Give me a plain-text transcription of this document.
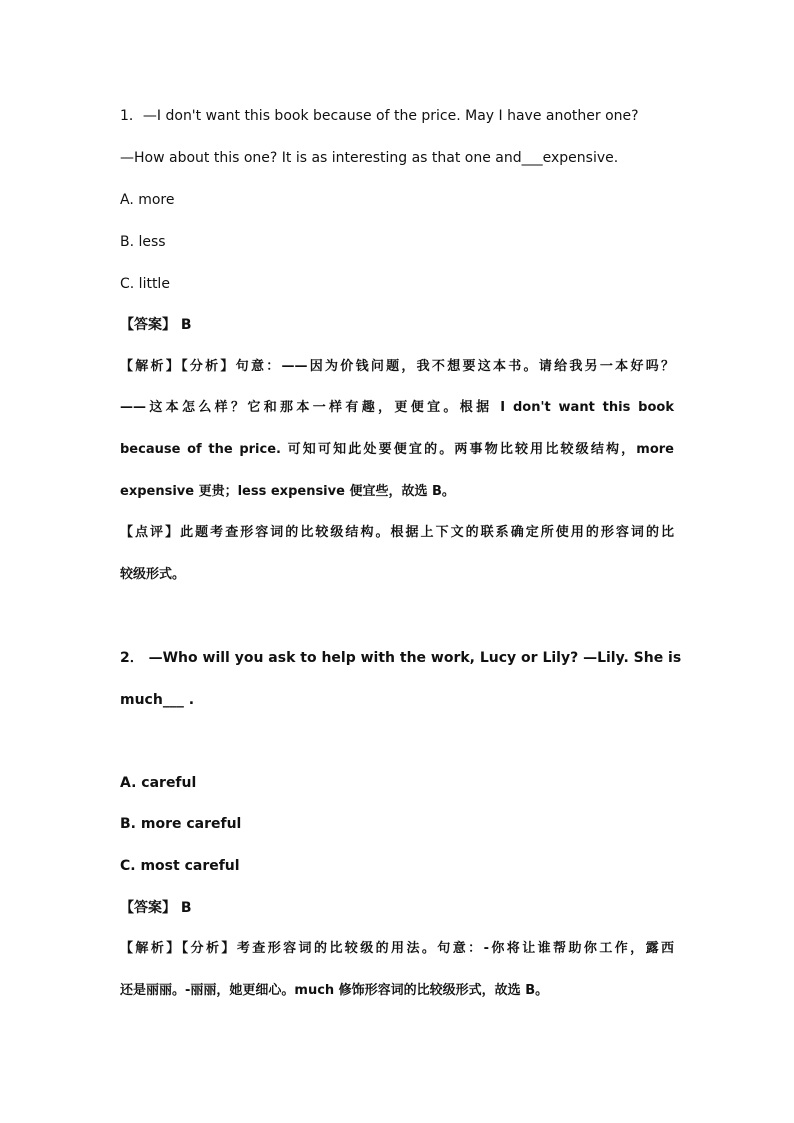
1．—I don't want this book because of the price. May I have another one?
—How about this one? It is as interesting as that one and___expensive.
A. more
B. less
C. little
【答案】 B
【解析】【分析】句意：——因为价钱问题，我不想要这本书。请给我另一本好吗？
——这本怎么样？它和那本一样有趣，更便宜。根据 I don't want this book
because of the price. 可知可知此处要便宜的。两事物比较用比较级结构，more
expensive 更贵；less expensive 便宜些，故选 B。
【点评】此题考查形容词的比较级结构。根据上下文的联系确定所使用的形容词的比
较级形式。
2． —Who will you ask to help with the work, Lucy or Lily? —Lily. She is
much___ .
A. careful
B. more careful
C. most careful
【答案】 B
【解析】【分析】考查形容词的比较级的用法。句意：-你将让谁帮助你工作，露西
还是丽丽。-丽丽，她更细心。much 修饰形容词的比较级形式，故选 B。
